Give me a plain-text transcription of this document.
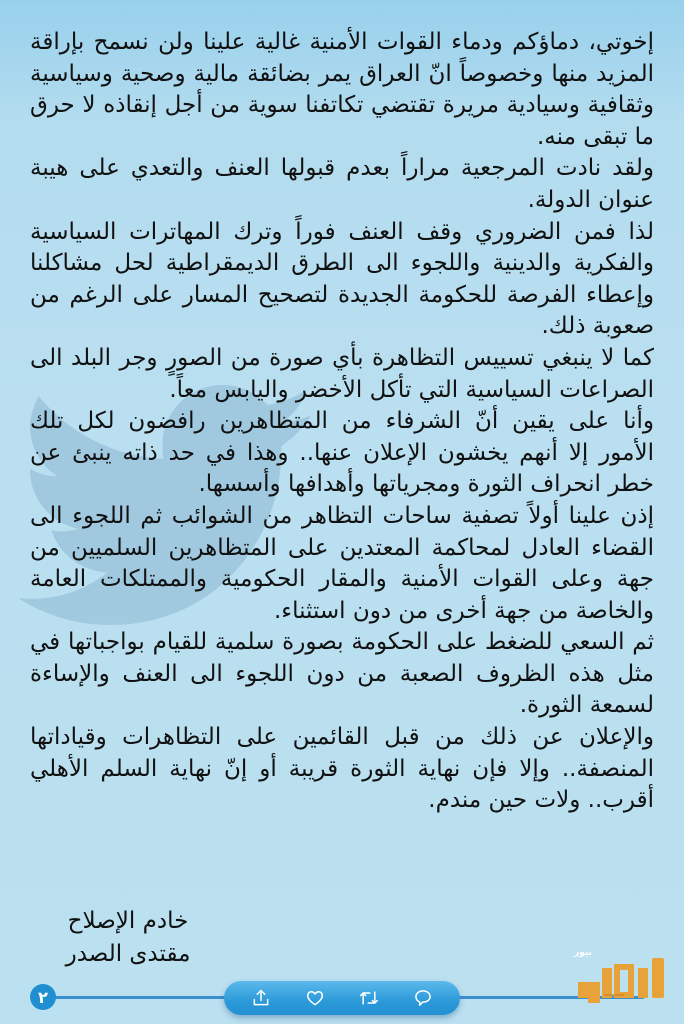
إخوتي، دماؤكم ودماء القوات الأمنية غالية علينا ولن نسمح بإراقة المزيد منها وخصوصاً انّ العراق يمر بضائقة مالية وصحية وسياسية وثقافية وسيادية مريرة تقتضي تكاتفنا سوية من أجل إنقاذه لا حرق ما تبقى منه.

ولقد نادت المرجعية مراراً بعدم قبولها العنف والتعدي على هيبة عنوان الدولة.

لذا فمن الضروري وقف العنف فوراً وترك المهاترات السياسية والفكرية والدينية واللجوء الى الطرق الديمقراطية لحل مشاكلنا وإعطاء الفرصة للحكومة الجديدة لتصحيح المسار على الرغم من صعوبة ذلك.

كما لا ينبغي تسييس التظاهرة بأي صورة من الصورٍ وجر البلد الى الصراعات السياسية التي تأكل الأخضر واليابس معاً.

وأنا على يقين أنّ الشرفاء من المتظاهرين رافضون لكل تلك الأمور إلا أنهم يخشون الإعلان عنها.. وهذا في حد ذاته ينبئ عن خطر انحراف الثورة ومجرياتها وأهدافها وأسسها.

إذن علينا أولاً تصفية ساحات التظاهر من الشوائب ثم اللجوء الى القضاء العادل لمحاكمة المعتدين على المتظاهرين السلميين من جهة وعلى القوات الأمنية والمقار الحكومية والممتلكات العامة والخاصة من جهة أخرى من دون استثناء.

ثم السعي للضغط على الحكومة بصورة سلمية للقيام بواجباتها في مثل هذه الظروف الصعبة من دون اللجوء الى العنف والإساءة لسمعة الثورة.

والإعلان عن ذلك من قبل القائمين على التظاهرات وقياداتها المنصفة.. وإلا فإن نهاية الثورة قريبة أو إنّ نهاية السلم الأهلي أقرب.. ولات حين مندم.

خادم الإصلاح
مقتدى الصدر
٢
نيوز
